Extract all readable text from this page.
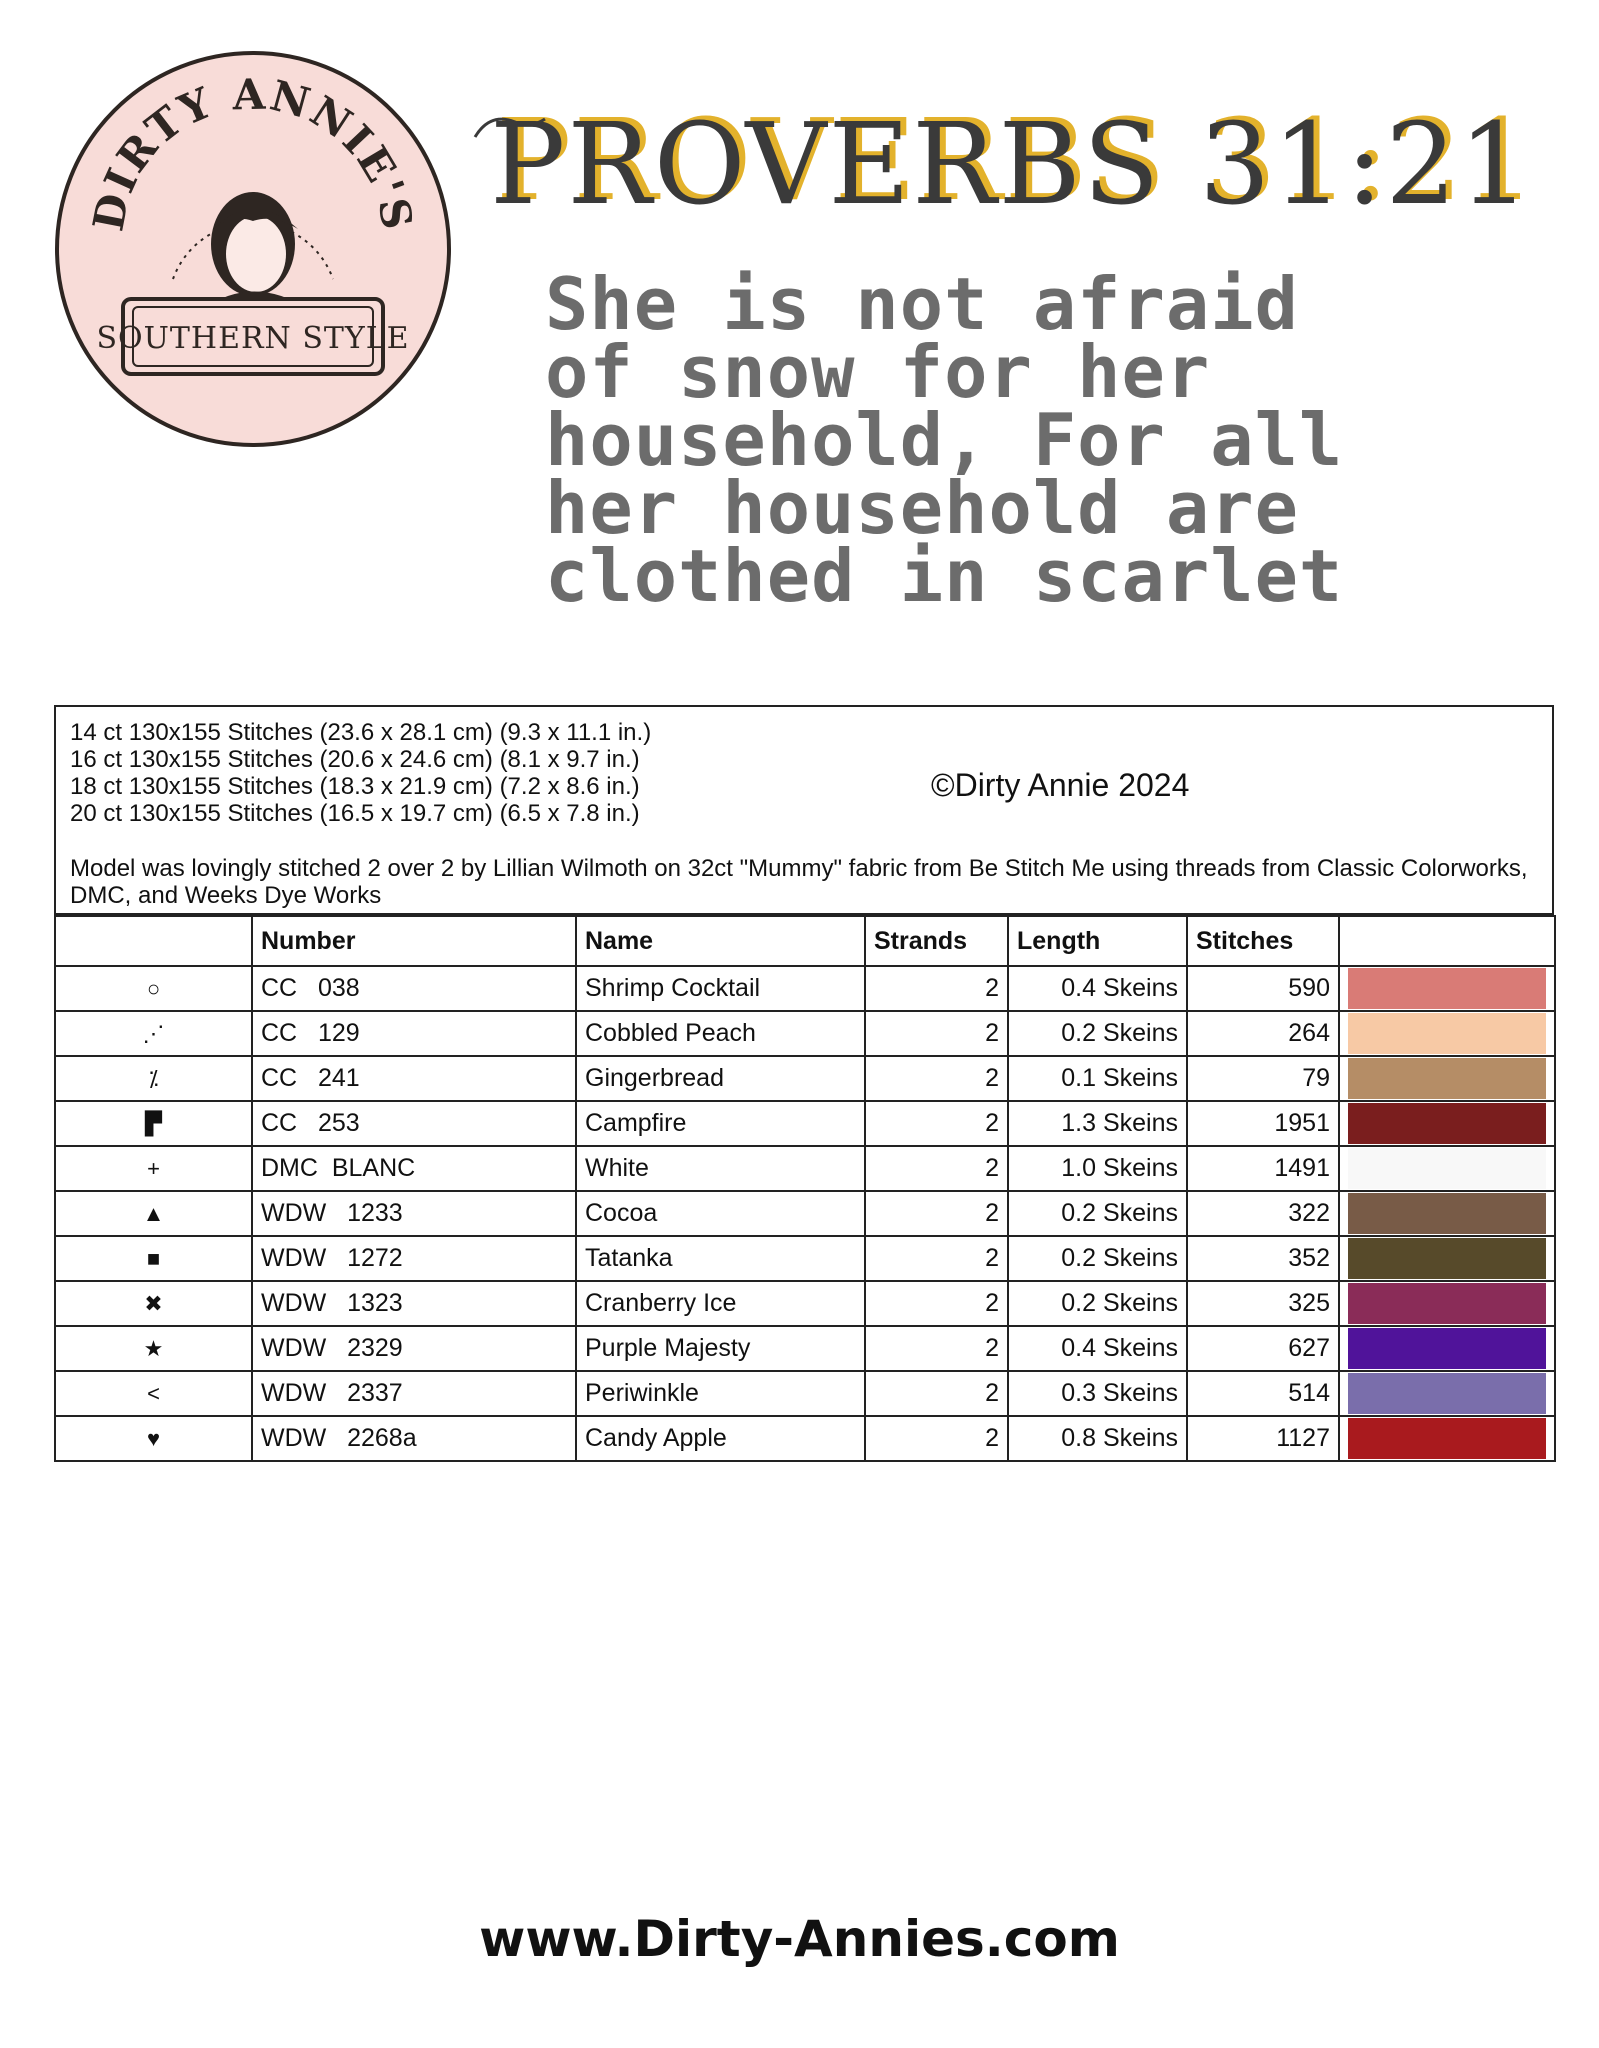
DIRTY ANNIE'S
SOUTHERN STYLE
PROVERBS 31:21
She is not afraid
of snow for her
household, For all
her household are
clothed in scarlet
14 ct 130x155 Stitches (23.6 x 28.1 cm) (9.3 x 11.1 in.)
16 ct 130x155 Stitches (20.6 x 24.6 cm) (8.1 x 9.7 in.)
18 ct 130x155 Stitches (18.3 x 21.9 cm) (7.2 x 8.6 in.)
20 ct 130x155 Stitches (16.5 x 19.7 cm) (6.5 x 7.8 in.)
©Dirty Annie 2024
Model was lovingly stitched 2 over 2 by Lillian Wilmoth on 32ct "Mummy" fabric from Be Stitch Me using threads from Classic Colorworks, DMC, and Weeks Dye Works
	Number	Name	Strands	Length	Stitches	
○	CC   038	Shrimp Cocktail	2	0.4 Skeins	590	

⋰	CC   129	Cobbled Peach	2	0.2 Skeins	264	

⁒	CC   241	Gingerbread	2	0.1 Skeins	79	

▛	CC   253	Campfire	2	1.3 Skeins	1951	

+	DMC  BLANC	White	2	1.0 Skeins	1491	

▲	WDW   1233	Cocoa	2	0.2 Skeins	322	

■	WDW   1272	Tatanka	2	0.2 Skeins	352	

✖	WDW   1323	Cranberry Ice	2	0.2 Skeins	325	

★	WDW   2329	Purple Majesty	2	0.4 Skeins	627	

<	WDW   2337	Periwinkle	2	0.3 Skeins	514	

♥	WDW   2268a	Candy Apple	2	0.8 Skeins	1127	
www.Dirty-Annies.com
